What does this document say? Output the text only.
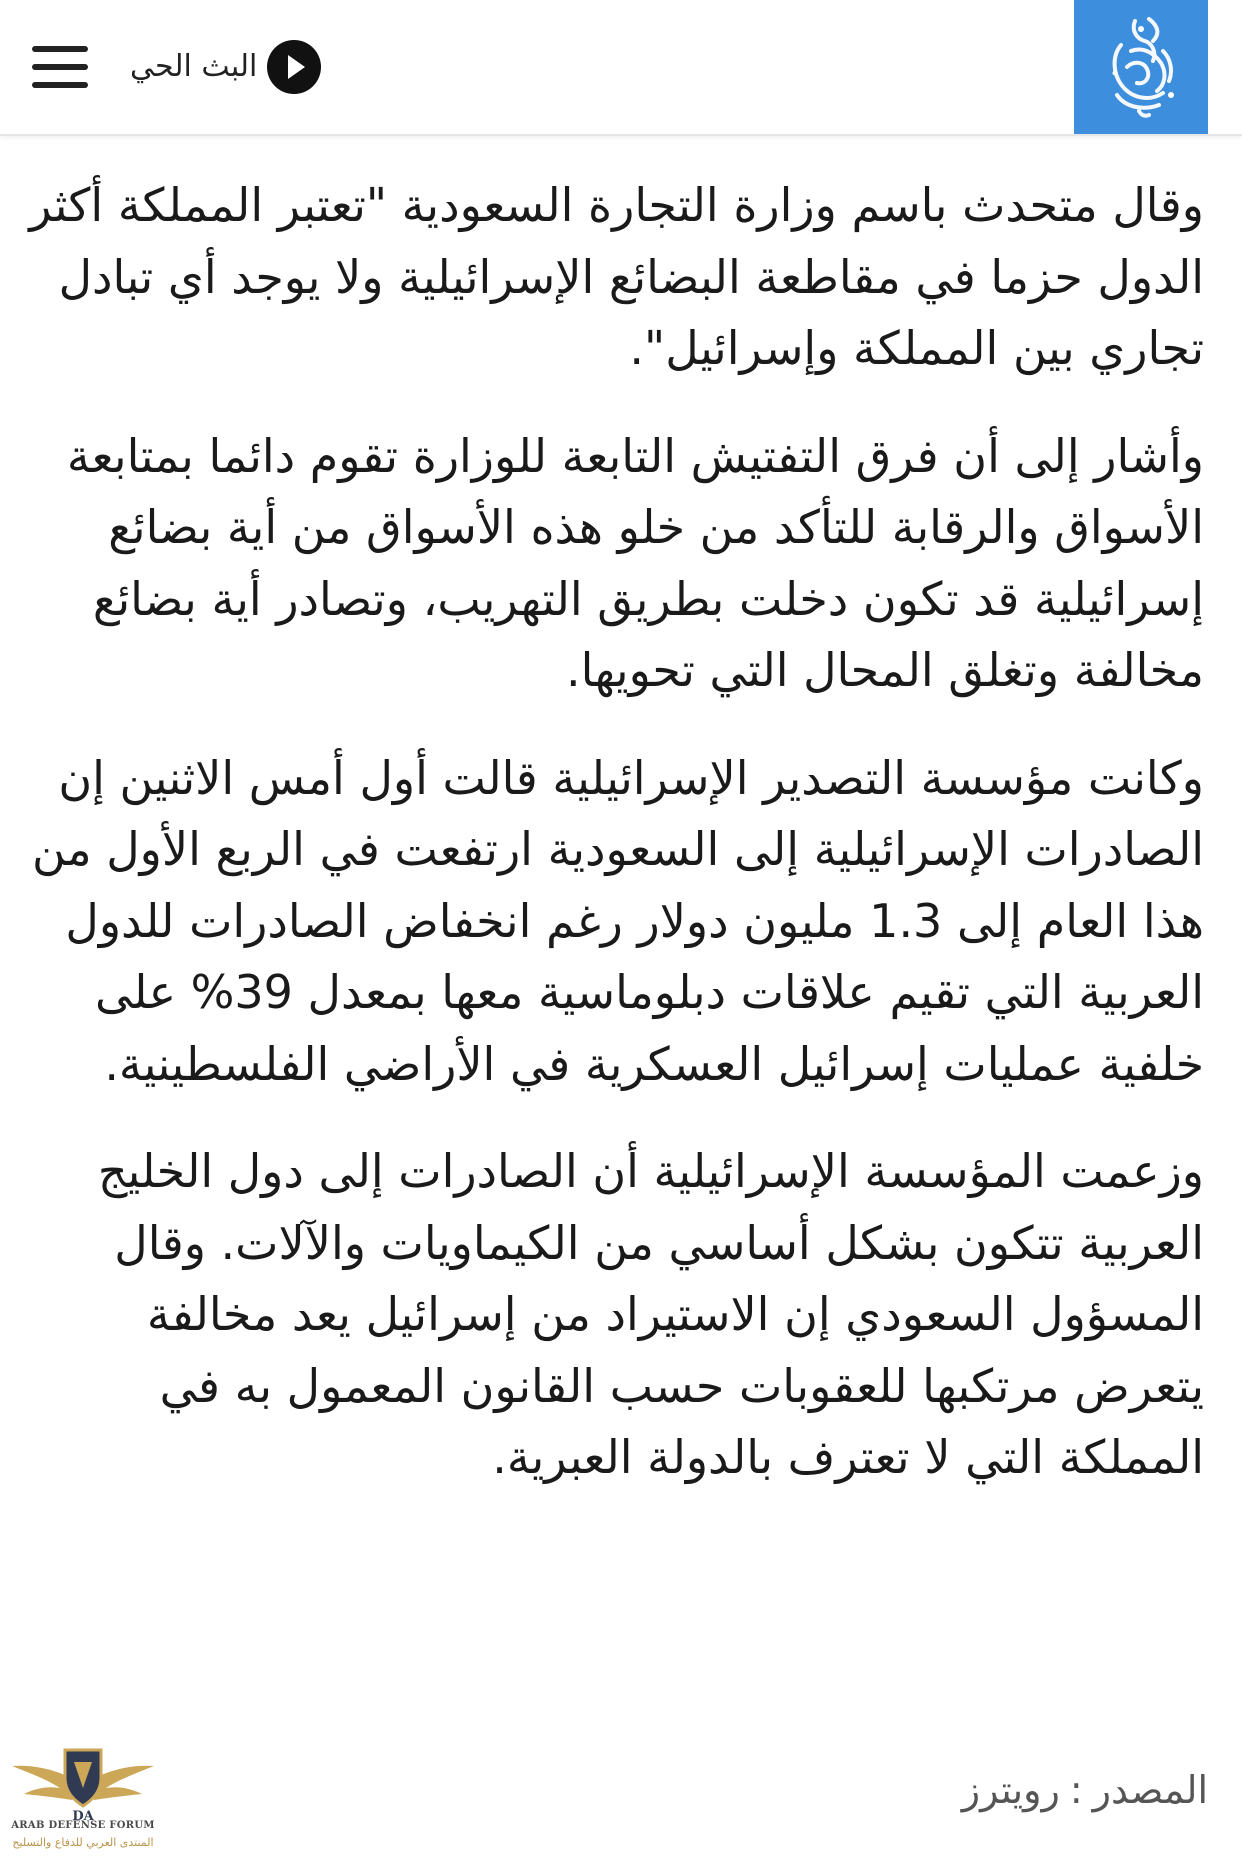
البث الحي

وقال متحدث باسم وزارة التجارة السعودية "تعتبر المملكة أكثر الدول حزما في مقاطعة البضائع الإسرائيلية ولا يوجد أي تبادل تجاري بين المملكة وإسرائيل".

وأشار إلى أن فرق التفتيش التابعة للوزارة تقوم دائما بمتابعة الأسواق والرقابة للتأكد من خلو هذه الأسواق من أية بضائع إسرائيلية قد تكون دخلت بطريق التهريب، وتصادر أية بضائع مخالفة وتغلق المحال التي تحويها.

وكانت مؤسسة التصدير الإسرائيلية قالت أول أمس الاثنين إن الصادرات الإسرائيلية إلى السعودية ارتفعت في الربع الأول من هذا العام إلى 1.3 مليون دولار رغم انخفاض الصادرات للدول العربية التي تقيم علاقات دبلوماسية معها بمعدل 39% على خلفية عمليات إسرائيل العسكرية في الأراضي الفلسطينية.

وزعمت المؤسسة الإسرائيلية أن الصادرات إلى دول الخليج العربية تتكون بشكل أساسي من الكيماويات والآلات. وقال المسؤول السعودي إن الاستيراد من إسرائيل يعد مخالفة يتعرض مرتكبها للعقوبات حسب القانون المعمول به في المملكة التي لا تعترف بالدولة العبرية.

المصدر:رويترز
DA
ARAB DEFENSE FORUM
المنتدى العربي للدفاع والتسليح
